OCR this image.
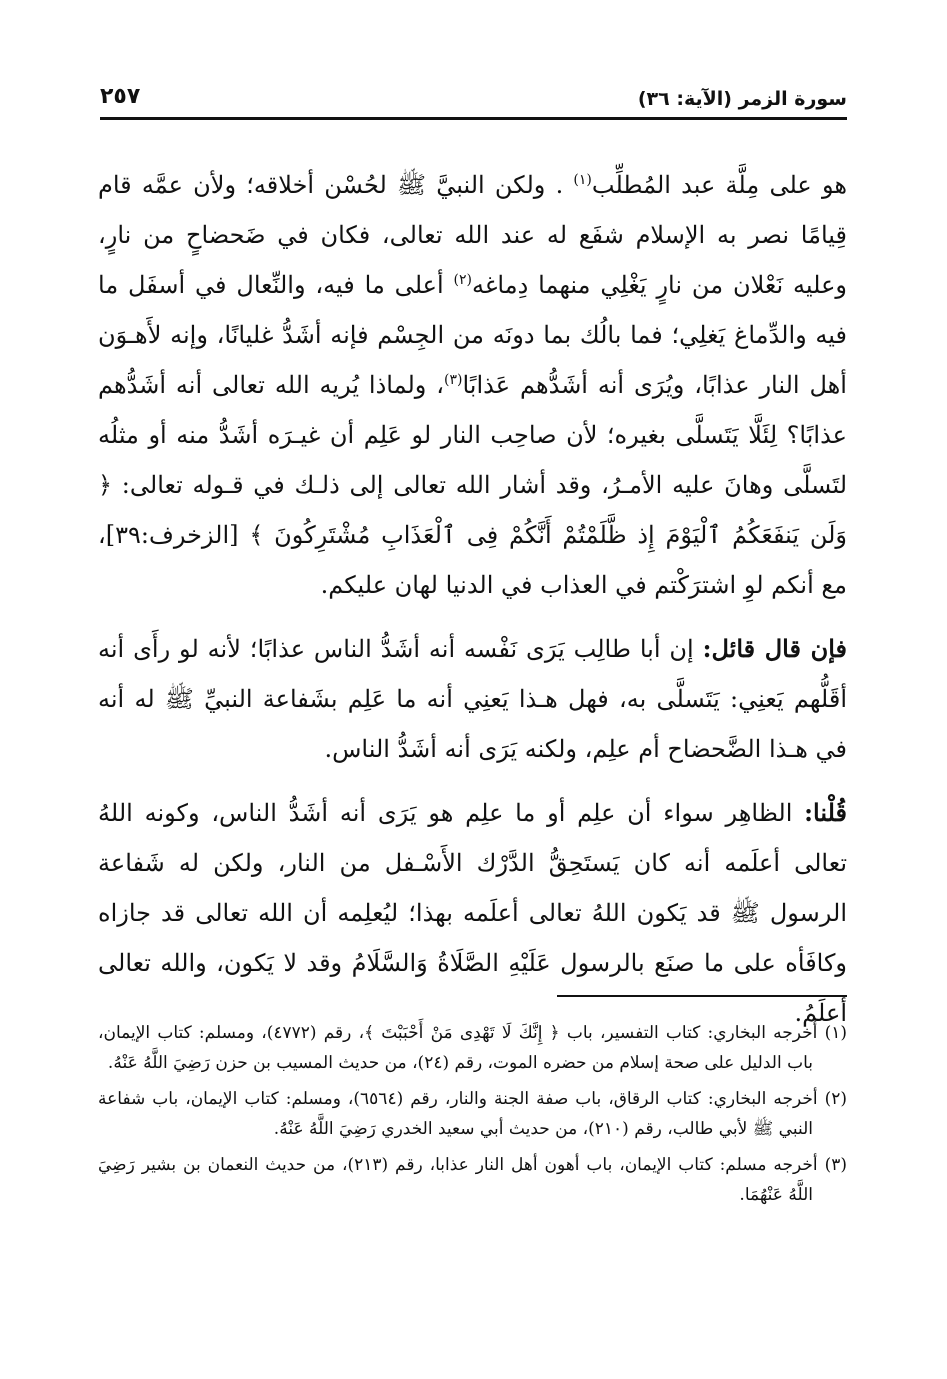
سورة الزمر (الآية: ٣٦)
٢٥٧

هو على مِلَّة عبد المُطلِّب$^{(١)}$ . ولكن النبيَّ ﷺ لحُسْن أخلاقه؛ ولأن عمَّه قام قِيامًا نصر به الإسلام شفَع له عند الله تعالى، فكان في ضَحضاحٍ من نارٍ، وعليه نَعْلان من نارٍ يَغْلِي منهما دِماغه$^{(٢)}$ أعلى ما فيه، والنِّعال في أسفَل ما فيه والدِّماغ يَغلِي؛ فما بالُك بما دونَه من الجِسْم فإنه أشَدُّ غليانًا، وإنه لأَهـوَن أهل النار عذابًا، ويُرَى أنه أشَدُّهم عَذابًا$^{(٣)}$، ولماذا يُريه الله تعالى أنه أشَدُّهم عذابًا؟ لِئَلَّا يَتَسلَّى بغيره؛ لأن صاحِب النار لو عَلِم أن غيـرَه أشَدُّ منه أو مثلُه لتَسلَّى وهانَ عليه الأمـرُ، وقد أشار الله تعالى إلى ذلـك في قـوله تعالى: ﴿ وَلَن يَنفَعَكُمُ ٱلْيَوْمَ إِذ ظَّلَمْتُمْ أَنَّكُمْ فِى ٱلْعَذَابِ مُشْتَرِكُونَ ﴾ [الزخرف:٣٩]، مع أنكم لوِ اشترَكْتم في العذاب في الدنيا لهان عليكم.

فإن قال قائل: إن أبا طالِب يَرَى نَفْسه أنه أشَدُّ الناس عذابًا؛ لأنه لو رأَى أنه أقَلُّهم يَعنِي: يَتَسلَّى به، فهل هـذا يَعنِي أنه ما عَلِم بشَفاعة النبيِّ ﷺ له أنه في هـذا الضَّحضاح أم علِم، ولكنه يَرَى أنه أشَدُّ الناس.

قُلْنا: الظاهِر سواء أن علِم أو ما علِم هو يَرَى أنه أشَدُّ الناس، وكونه اللهُ تعالى أعلَمه أنه كان يَستَحِقُّ الدَّرْك الأَسْـفل من النار، ولكن له شَفاعة الرسول ﷺ قد يَكون اللهُ تعالى أعلَمه بهذا؛ ليُعلِمه أن الله تعالى قد جازاه وكافَأه على ما صنَع بالرسول عَلَيْهِ الصَّلَاةُ وَالسَّلَامُ وقد لا يَكون، والله تعالى أعلَمُ.

(١) أخرجه البخاري: كتاب التفسير، باب ﴿ إِنَّكَ لَا تَهْدِى مَنْ أَحْبَبْتَ ﴾، رقم (٤٧٧٢)، ومسلم: كتاب الإيمان، باب الدليل على صحة إسلام من حضره الموت، رقم (٢٤)، من حديث المسيب بن حزن رَضِيَ اللَّهُ عَنْهُ.

(٢) أخرجه البخاري: كتاب الرقاق، باب صفة الجنة والنار، رقم (٦٥٦٤)، ومسلم: كتاب الإيمان، باب شفاعة النبي ﷺ لأبي طالب، رقم (٢١٠)، من حديث أبي سعيد الخدري رَضِيَ اللَّهُ عَنْهُ.

(٣) أخرجه مسلم: كتاب الإيمان، باب أهون أهل النار عذابا، رقم (٢١٣)، من حديث النعمان بن بشير رَضِيَ اللَّهُ عَنْهُمَا.
